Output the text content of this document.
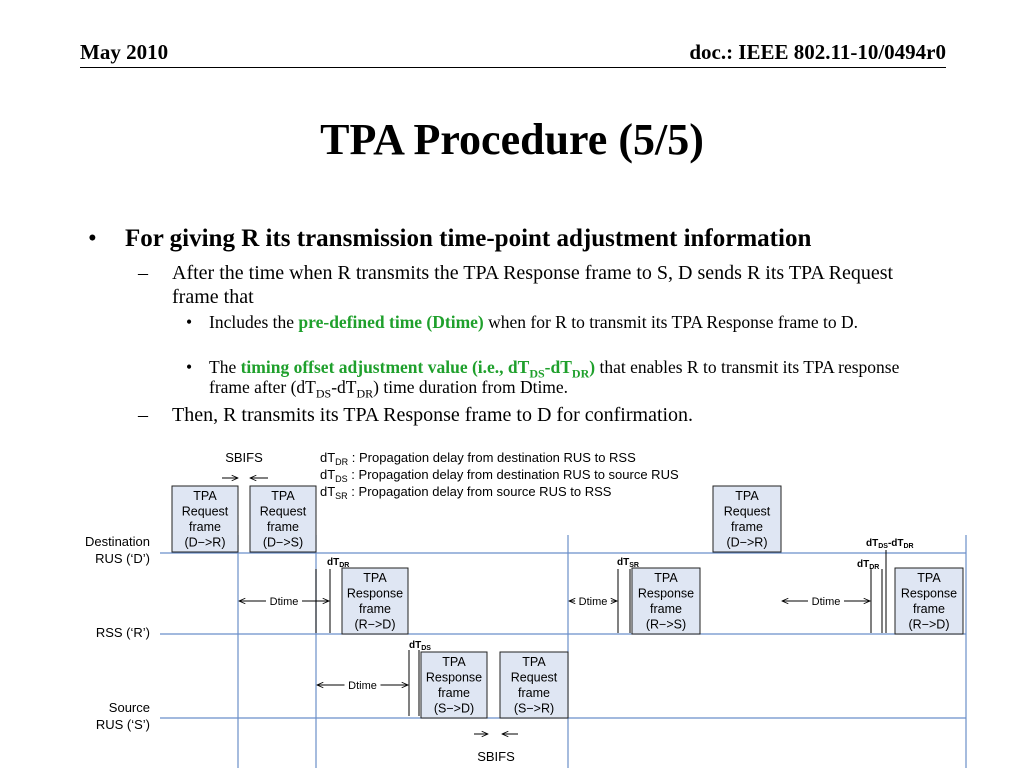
May 2010	doc.: IEEE 802.11-10/0494r0
TPA Procedure (5/5)
• For giving R its transmission time-point adjustment information
– After the time when R transmits the TPA Response frame to S, D sends R its TPA Request frame that
• Includes the pre-defined time (Dtime) when for R to transmit its TPA Response frame to D.
• The timing offset adjustment value (i.e., $dT_{DS}-dT_{DR}$) that enables R to transmit its TPA response frame after $(dT_{DS}-dT_{DR})$ time duration from Dtime.
– Then, R transmits its TPA Response frame to D for confirmation.
Destination
RUS (‘D’)
RSS (‘R’)
Source
RUS (‘S’)
$dT_{DR}$ : Propagation delay from destination RUS to RSS
$dT_{DS}$ : Propagation delay from destination RUS to source RUS
$dT_{SR}$ : Propagation delay from source RUS to RSS
SBIFS
SBIFS
TPA
Request
frame
(D−>R)
TPA
Request
frame
(D−>S)
TPA
Response
frame
(R−>D)
TPA
Response
frame
(S−>D)
TPA
Request
frame
(S−>R)
TPA
Response
frame
(R−>S)
TPA
Request
frame
(D−>R)
TPA
Response
frame
(R−>D)
Dtime
Dtime
Dtime	Dtime
$dT_{DR}$
$dT_{DS}$
$dT_{SR}$	$dT_{DR}$
$dT_{DS}-dT_{DR}$
